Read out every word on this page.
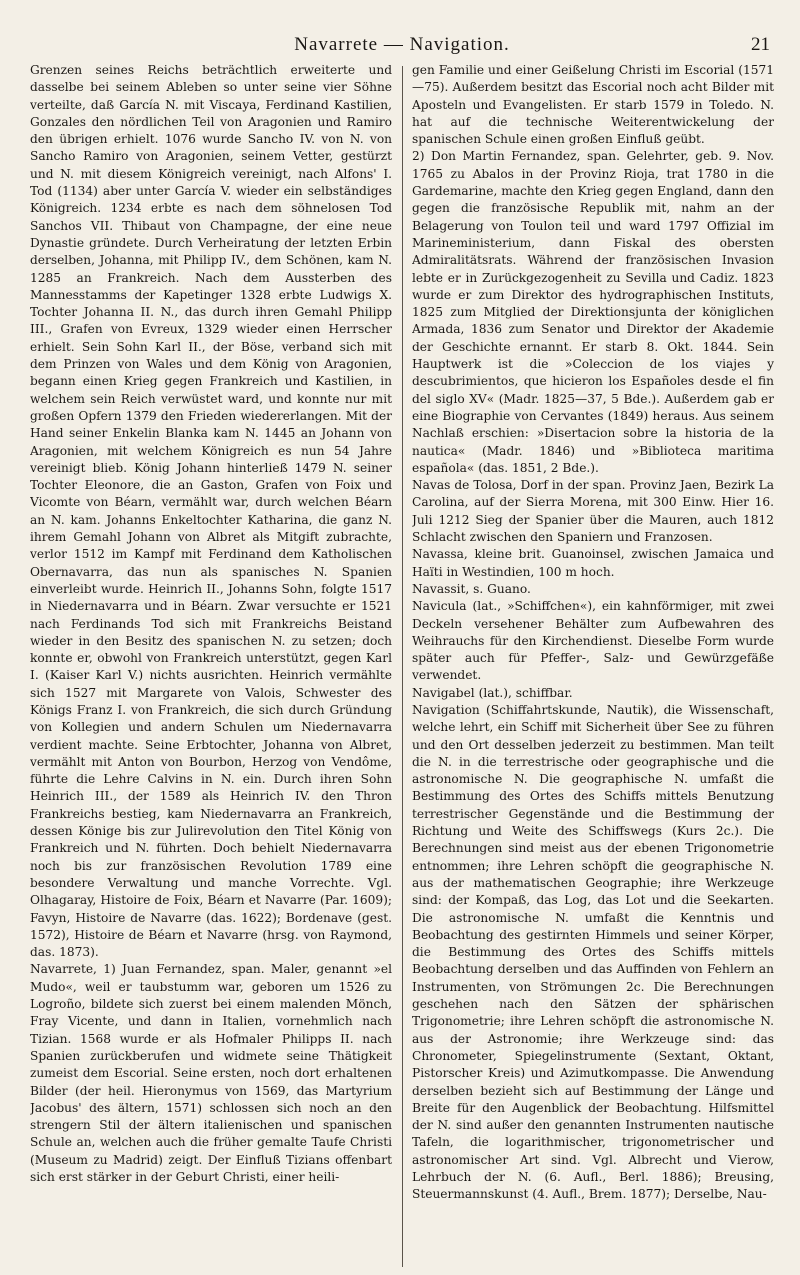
Navarrete — Navigation.	21

Grenzen seines Reichs beträchtlich erweiterte und dasselbe bei seinem Ableben so unter seine vier Söhne verteilte, daß García N. mit Viscaya, Ferdinand Kastilien, Gonzales den nördlichen Teil von Aragonien und Ramiro den übrigen erhielt. 1076 wurde Sancho IV. von N. von Sancho Ramiro von Aragonien, seinem Vetter, gestürzt und N. mit diesem Königreich vereinigt, nach Alfons' I. Tod (1134) aber unter García V. wieder ein selbständiges Königreich. 1234 erbte es nach dem söhnelosen Tod Sanchos VII. Thibaut von Champagne, der eine neue Dynastie gründete. Durch Verheiratung der letzten Erbin derselben, Johanna, mit Philipp IV., dem Schönen, kam N. 1285 an Frankreich. Nach dem Aussterben des Mannesstamms der Kapetinger 1328 erbte Ludwigs X. Tochter Johanna II. N., das durch ihren Gemahl Philipp III., Grafen von Evreux, 1329 wieder einen Herrscher erhielt. Sein Sohn Karl II., der Böse, verband sich mit dem Prinzen von Wales und dem König von Aragonien, begann einen Krieg gegen Frankreich und Kastilien, in welchem sein Reich verwüstet ward, und konnte nur mit großen Opfern 1379 den Frieden wiedererlangen. Mit der Hand seiner Enkelin Blanka kam N. 1445 an Johann von Aragonien, mit welchem Königreich es nun 54 Jahre vereinigt blieb. König Johann hinterließ 1479 N. seiner Tochter Eleonore, die an Gaston, Grafen von Foix und Vicomte von Béarn, vermählt war, durch welchen Béarn an N. kam. Johanns Enkeltochter Katharina, die ganz N. ihrem Gemahl Johann von Albret als Mitgift zubrachte, verlor 1512 im Kampf mit Ferdinand dem Katholischen Obernavarra, das nun als spanisches N. Spanien einverleibt wurde. Heinrich II., Johanns Sohn, folgte 1517 in Niedernavarra und in Béarn. Zwar versuchte er 1521 nach Ferdinands Tod sich mit Frankreichs Beistand wieder in den Besitz des spanischen N. zu setzen; doch konnte er, obwohl von Frankreich unterstützt, gegen Karl I. (Kaiser Karl V.) nichts ausrichten. Heinrich vermählte sich 1527 mit Margarete von Valois, Schwester des Königs Franz I. von Frankreich, die sich durch Gründung von Kollegien und andern Schulen um Niedernavarra verdient machte. Seine Erbtochter, Johanna von Albret, vermählt mit Anton von Bourbon, Herzog von Vendôme, führte die Lehre Calvins in N. ein. Durch ihren Sohn Heinrich III., der 1589 als Heinrich IV. den Thron Frankreichs bestieg, kam Niedernavarra an Frankreich, dessen Könige bis zur Julirevolution den Titel König von Frankreich und N. führten. Doch behielt Niedernavarra noch bis zur französischen Revolution 1789 eine besondere Verwaltung und manche Vorrechte. Vgl. Olhagaray, Histoire de Foix, Béarn et Navarre (Par. 1609); Favyn, Histoire de Navarre (das. 1622); Bordenave (gest. 1572), Histoire de Béarn et Navarre (hrsg. von Raymond, das. 1873).

Navarrete, 1) Juan Fernandez, span. Maler, genannt »el Mudo«, weil er taubstumm war, geboren um 1526 zu Logroño, bildete sich zuerst bei einem malenden Mönch, Fray Vicente, und dann in Italien, vornehmlich nach Tizian. 1568 wurde er als Hofmaler Philipps II. nach Spanien zurückberufen und widmete seine Thätigkeit zumeist dem Escorial. Seine ersten, noch dort erhaltenen Bilder (der heil. Hieronymus von 1569, das Martyrium Jacobus' des ältern, 1571) schlossen sich noch an den strengern Stil der ältern italienischen und spanischen Schule an, welchen auch die früher gemalte Taufe Christi (Museum zu Madrid) zeigt. Der Einfluß Tizians offenbart sich erst stärker in der Geburt Christi, einer heili-

gen Familie und einer Geißelung Christi im Escorial (1571—75). Außerdem besitzt das Escorial noch acht Bilder mit Aposteln und Evangelisten. Er starb 1579 in Toledo. N. hat auf die technische Weiterentwickelung der spanischen Schule einen großen Einfluß geübt.

2) Don Martin Fernandez, span. Gelehrter, geb. 9. Nov. 1765 zu Abalos in der Provinz Rioja, trat 1780 in die Gardemarine, machte den Krieg gegen England, dann den gegen die französische Republik mit, nahm an der Belagerung von Toulon teil und ward 1797 Offizial im Marineministerium, dann Fiskal des obersten Admiralitätsrats. Während der französischen Invasion lebte er in Zurückgezogenheit zu Sevilla und Cadiz. 1823 wurde er zum Direktor des hydrographischen Instituts, 1825 zum Mitglied der Direktionsjunta der königlichen Armada, 1836 zum Senator und Direktor der Akademie der Geschichte ernannt. Er starb 8. Okt. 1844. Sein Hauptwerk ist die »Coleccion de los viajes y descubrimientos, que hicieron los Españoles desde el fin del siglo XV« (Madr. 1825—37, 5 Bde.). Außerdem gab er eine Biographie von Cervantes (1849) heraus. Aus seinem Nachlaß erschien: »Disertacion sobre la historia de la nautica« (Madr. 1846) und »Biblioteca maritima española« (das. 1851, 2 Bde.).

Navas de Tolosa, Dorf in der span. Provinz Jaen, Bezirk La Carolina, auf der Sierra Morena, mit 300 Einw. Hier 16. Juli 1212 Sieg der Spanier über die Mauren, auch 1812 Schlacht zwischen den Spaniern und Franzosen.

Navassa, kleine brit. Guanoinsel, zwischen Jamaica und Haïti in Westindien, 100 m hoch.

Navassit, s. Guano.

Navicula (lat., »Schiffchen«), ein kahnförmiger, mit zwei Deckeln versehener Behälter zum Aufbewahren des Weihrauchs für den Kirchendienst. Dieselbe Form wurde später auch für Pfeffer-, Salz- und Gewürzgefäße verwendet.

Navigabel (lat.), schiffbar.

Navigation (Schiffahrtskunde, Nautik), die Wissenschaft, welche lehrt, ein Schiff mit Sicherheit über See zu führen und den Ort desselben jederzeit zu bestimmen. Man teilt die N. in die terrestrische oder geographische und die astronomische N. Die geographische N. umfaßt die Bestimmung des Ortes des Schiffs mittels Benutzung terrestrischer Gegenstände und die Bestimmung der Richtung und Weite des Schiffswegs (Kurs 2c.). Die Berechnungen sind meist aus der ebenen Trigonometrie entnommen; ihre Lehren schöpft die geographische N. aus der mathematischen Geographie; ihre Werkzeuge sind: der Kompaß, das Log, das Lot und die Seekarten. Die astronomische N. umfaßt die Kenntnis und Beobachtung des gestirnten Himmels und seiner Körper, die Bestimmung des Ortes des Schiffs mittels Beobachtung derselben und das Auffinden von Fehlern an Instrumenten, von Strömungen 2c. Die Berechnungen geschehen nach den Sätzen der sphärischen Trigonometrie; ihre Lehren schöpft die astronomische N. aus der Astronomie; ihre Werkzeuge sind: das Chronometer, Spiegelinstrumente (Sextant, Oktant, Pistorscher Kreis) und Azimutkompasse. Die Anwendung derselben bezieht sich auf Bestimmung der Länge und Breite für den Augenblick der Beobachtung. Hilfsmittel der N. sind außer den genannten Instrumenten nautische Tafeln, die logarithmischer, trigonometrischer und astronomischer Art sind. Vgl. Albrecht und Vierow, Lehrbuch der N. (6. Aufl., Berl. 1886); Breusing, Steuermannskunst (4. Aufl., Brem. 1877); Derselbe, Nau-
